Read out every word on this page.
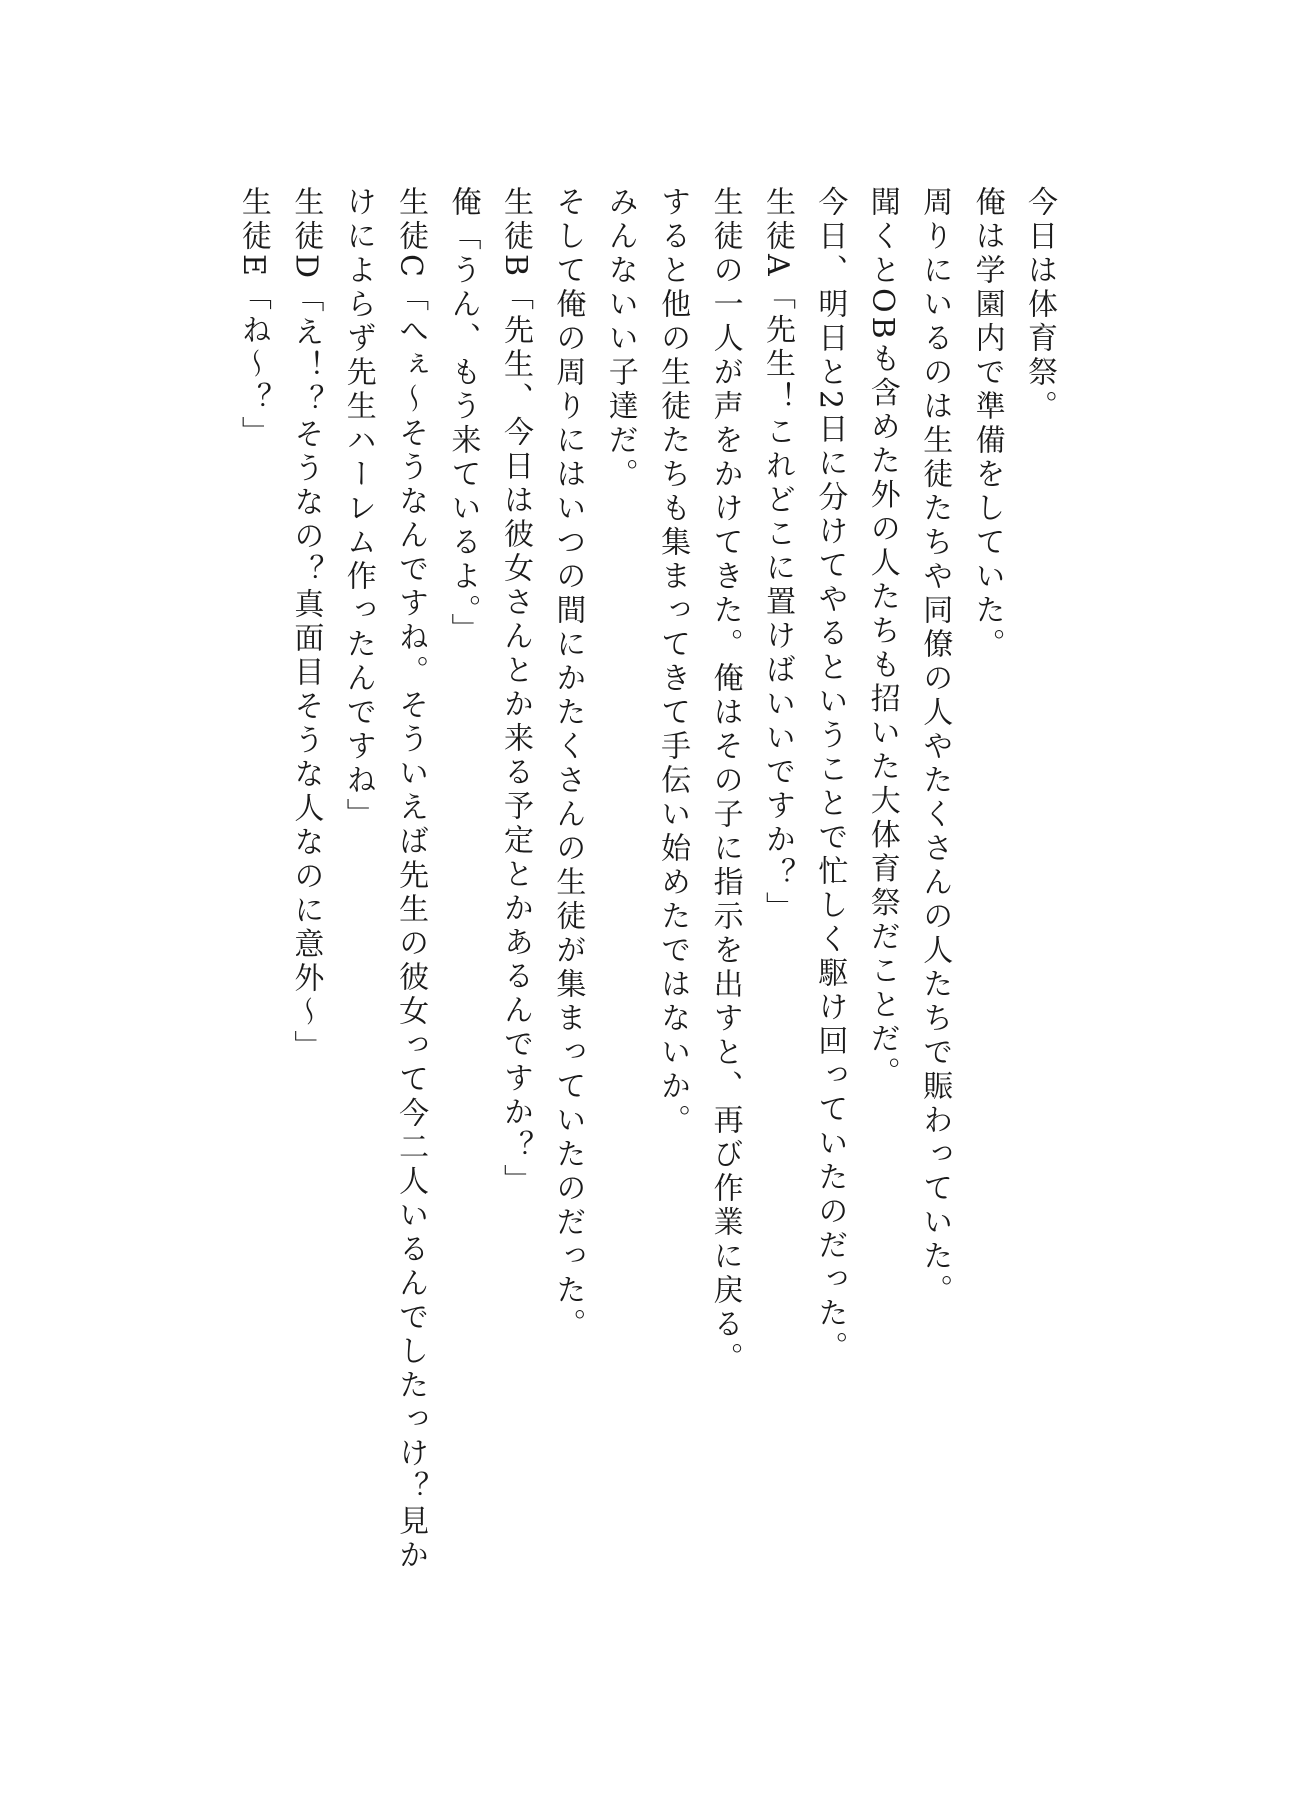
今日は体育祭。
俺は学園内で準備をしていた。
周りにいるのは生徒たちや同僚の人やたくさんの人たちで賑わっていた。
聞くとOBも含めた外の人たちも招いた大体育祭だことだ。
今日、明日と2日に分けてやるということで忙しく駆け回っていたのだった。
生徒A「先生！これどこに置けばいいですか？」
生徒の一人が声をかけてきた。俺はその子に指示を出すと、再び作業に戻る。
すると他の生徒たちも集まってきて手伝い始めたではないか。
みんないい子達だ。
そして俺の周りにはいつの間にかたくさんの生徒が集まっていたのだった。
生徒B「先生、今日は彼女さんとか来る予定とかあるんですか？」
俺「うん、もう来ているよ。」
生徒C「へぇ〜そうなんですね。そういえば先生の彼女って今二人いるんでしたっけ？見か
けによらず先生ハーレム作ったんですね」
生徒D「え！？そうなの？真面目そうな人なのに意外〜」
生徒E「ね〜？」
